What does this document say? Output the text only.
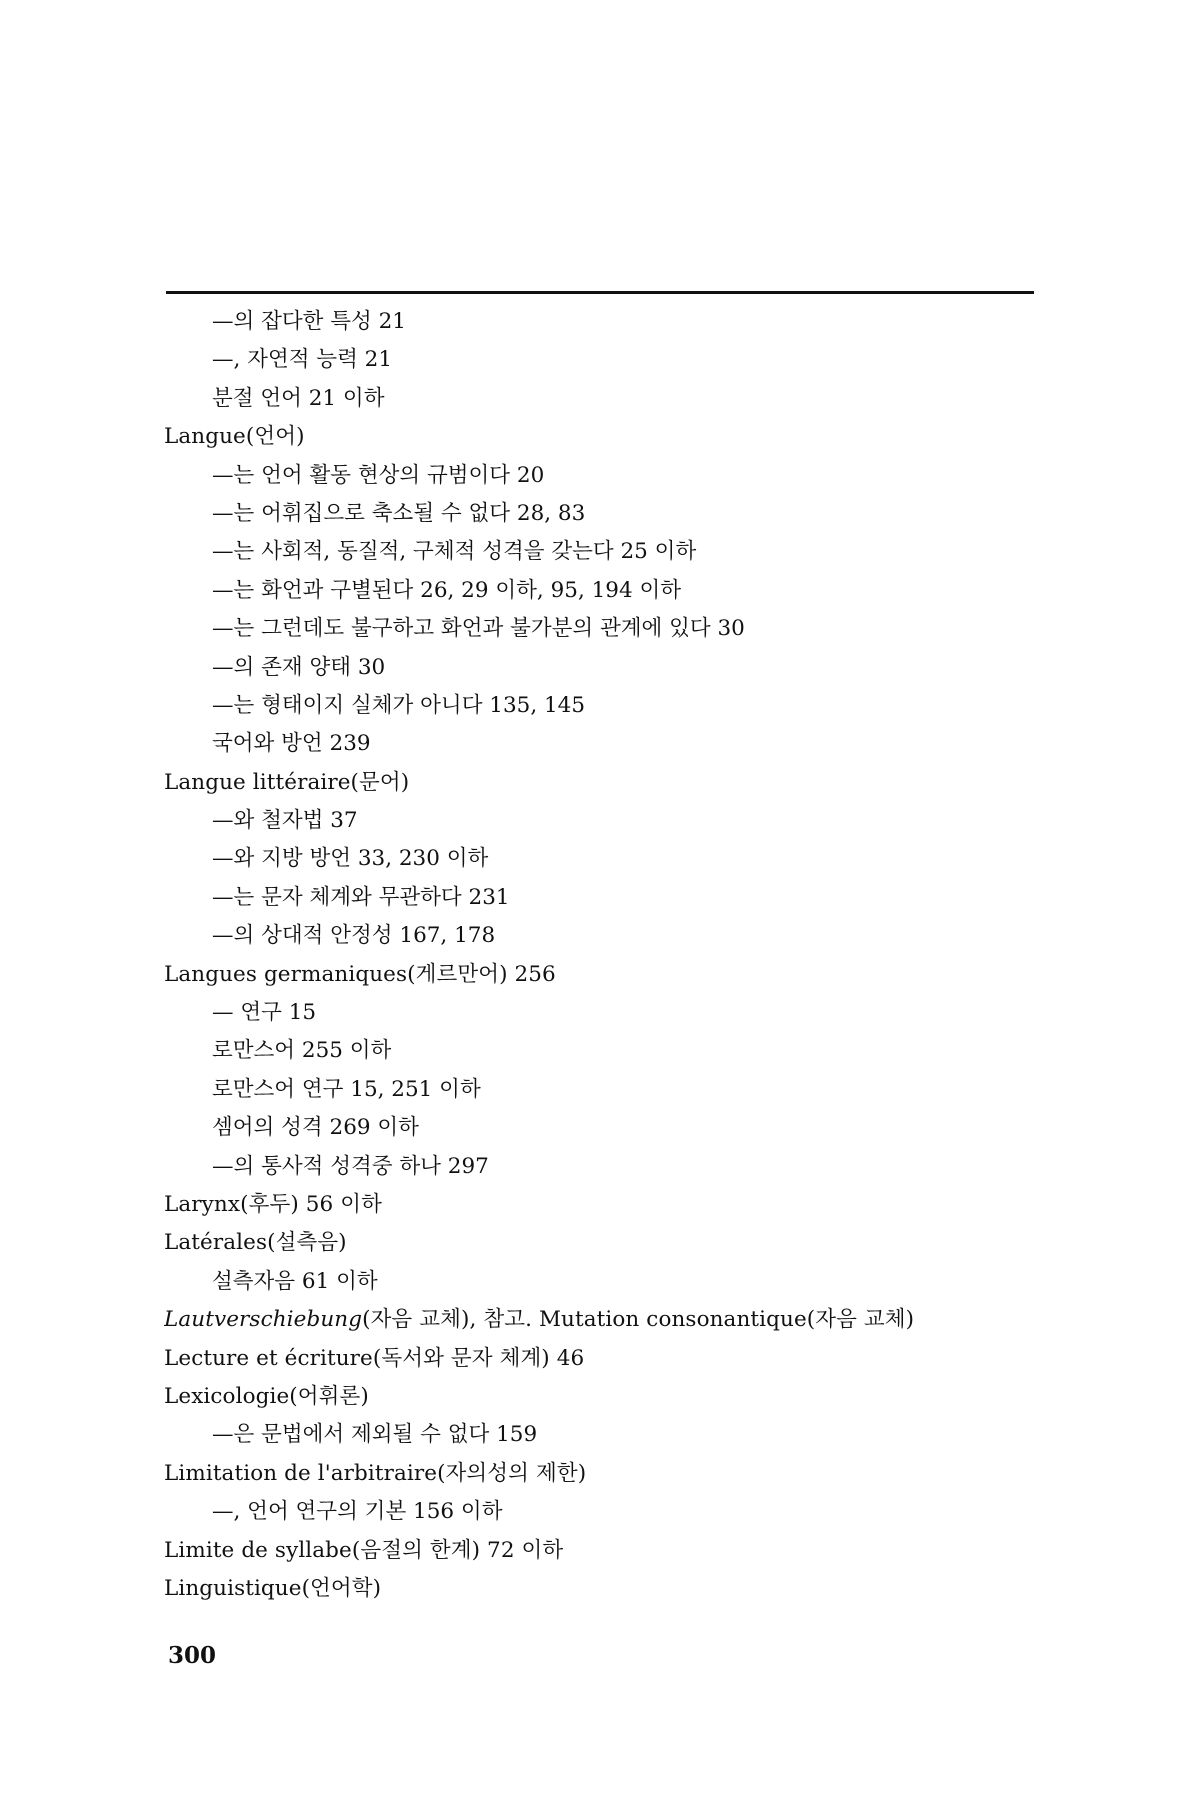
—의 잡다한 특성 21
—, 자연적 능력 21
분절 언어 21 이하
Langue(언어)
—는 언어 활동 현상의 규범이다 20
—는 어휘집으로 축소될 수 없다 28, 83
—는 사회적, 동질적, 구체적 성격을 갖는다 25 이하
—는 화언과 구별된다 26, 29 이하, 95, 194 이하
—는 그런데도 불구하고 화언과 불가분의 관계에 있다 30
—의 존재 양태 30
—는 형태이지 실체가 아니다 135, 145
국어와 방언 239
Langue littéraire(문어)
—와 철자법 37
—와 지방 방언 33, 230 이하
—는 문자 체계와 무관하다 231
—의 상대적 안정성 167, 178
Langues germaniques(게르만어) 256
— 연구 15
로만스어 255 이하
로만스어 연구 15, 251 이하
셈어의 성격 269 이하
—의 통사적 성격중 하나 297
Larynx(후두) 56 이하
Latérales(설측음)
설측자음 61 이하
Lautverschiebung(자음 교체), 참고. Mutation consonantique(자음 교체)
Lecture et écriture(독서와 문자 체계) 46
Lexicologie(어휘론)
—은 문법에서 제외될 수 없다 159
Limitation de l'arbitraire(자의성의 제한)
—, 언어 연구의 기본 156 이하
Limite de syllabe(음절의 한계) 72 이하
Linguistique(언어학)
300
